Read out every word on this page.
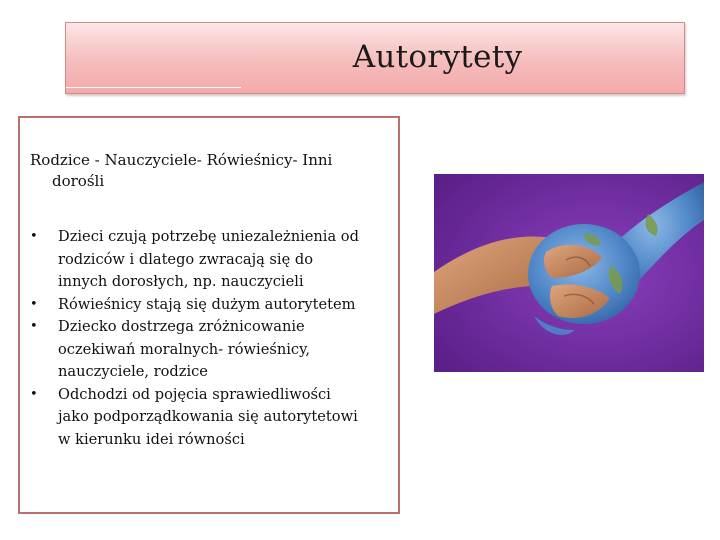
Autorytety
Rodzice - Nauczyciele- Rówieśnicy- Inni
dorośli
• Dzieci czują potrzebę uniezależnienia od
rodziców i dlatego zwracają się do
innych dorosłych, np. nauczycieli
• Rówieśnicy stają się dużym autorytetem
• Dziecko dostrzega zróżnicowanie
oczekiwań moralnych- rówieśnicy,
nauczyciele, rodzice
• Odchodzi od pojęcia sprawiedliwości
jako podporządkowania się autorytetowi
w kierunku idei równości
